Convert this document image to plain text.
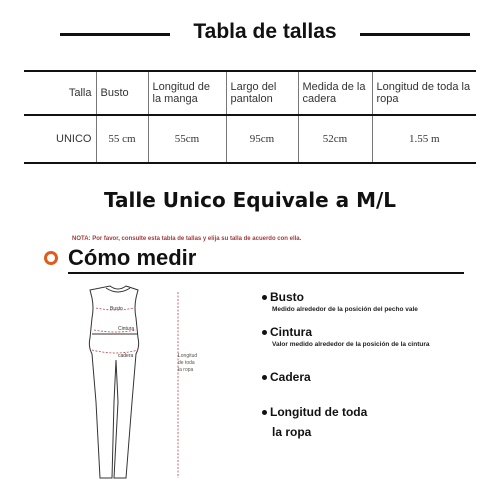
Tabla de tallas
Talla	Busto	Longitud de la manga	Largo del pantalon	Medida de la cadera	Longitud de toda la ropa
UNICO	55 cm	55cm	95cm	52cm	1.55 m
Talle Unico Equivale a M/L
NOTA: Por favor, consulte esta tabla de tallas y elija su talla de acuerdo con ella.
Cómo medir
Busto
Cintura
cadera	Longitud
de toda
la ropa
Busto
Medido alrededor de la posición del pecho vale
Cintura
Valor medido alrededor de la posición de la cintura
Cadera
Longitud de toda
la ropa
